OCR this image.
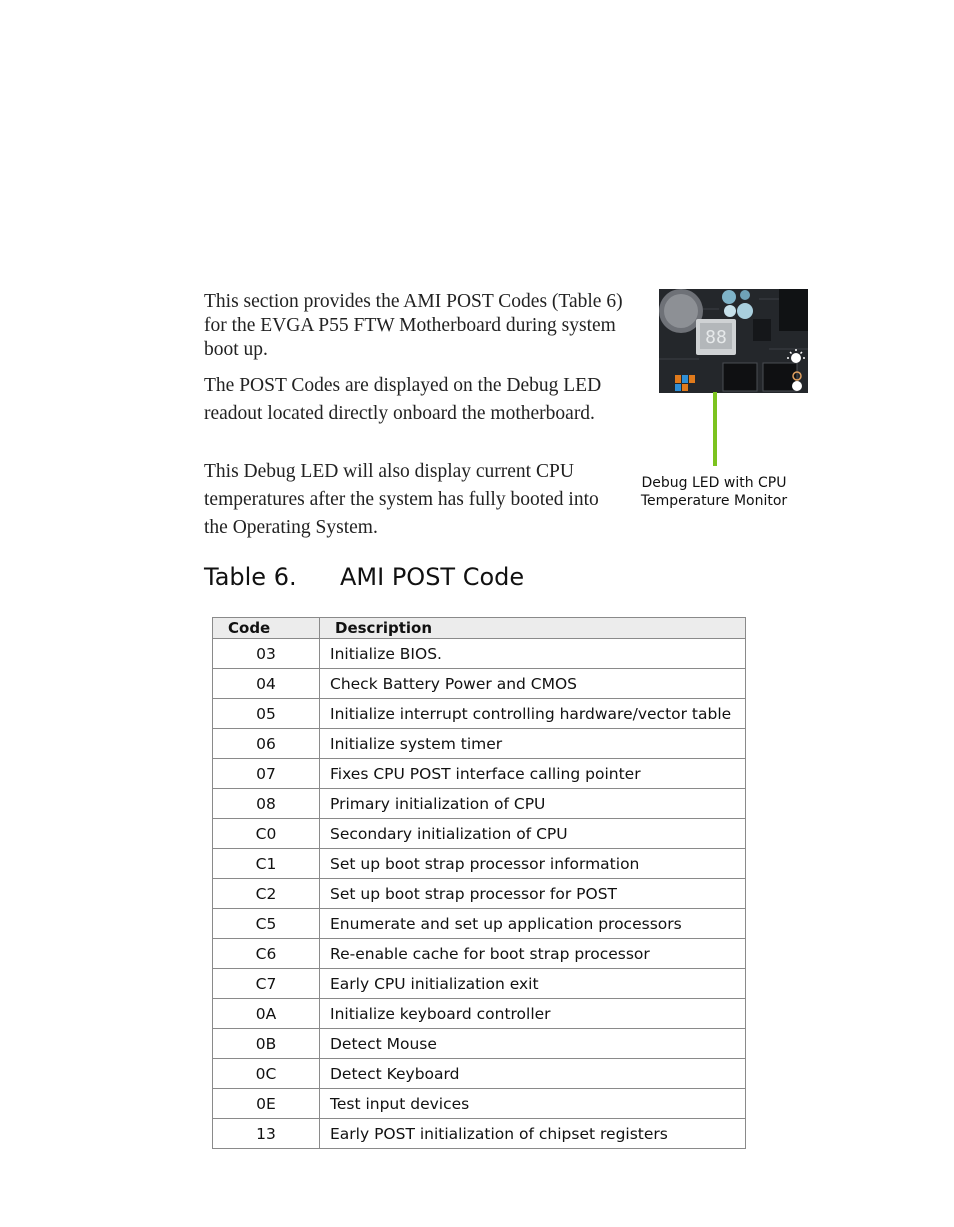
This section provides the AMI POST Codes (Table 6) for the EVGA P55 FTW Motherboard during system boot up.

The POST Codes are displayed on the Debug LED readout located directly onboard the motherboard.

This Debug LED will also display current CPU temperatures after the system has fully booted into the Operating System.

88
Debug LED with CPU
Temperature Monitor
Table 6. AMI POST Code
Code	Description
03	Initialize BIOS.
04	Check Battery Power and CMOS
05	Initialize interrupt controlling hardware/vector table
06	Initialize system timer
07	Fixes CPU POST interface calling pointer
08	Primary initialization of CPU
C0	Secondary initialization of CPU
C1	Set up boot strap processor information
C2	Set up boot strap processor for POST
C5	Enumerate and set up application processors
C6	Re-enable cache for boot strap processor
C7	Early CPU initialization exit
0A	Initialize keyboard controller
0B	Detect Mouse
0C	Detect Keyboard
0E	Test input devices
13	Early POST initialization of chipset registers
